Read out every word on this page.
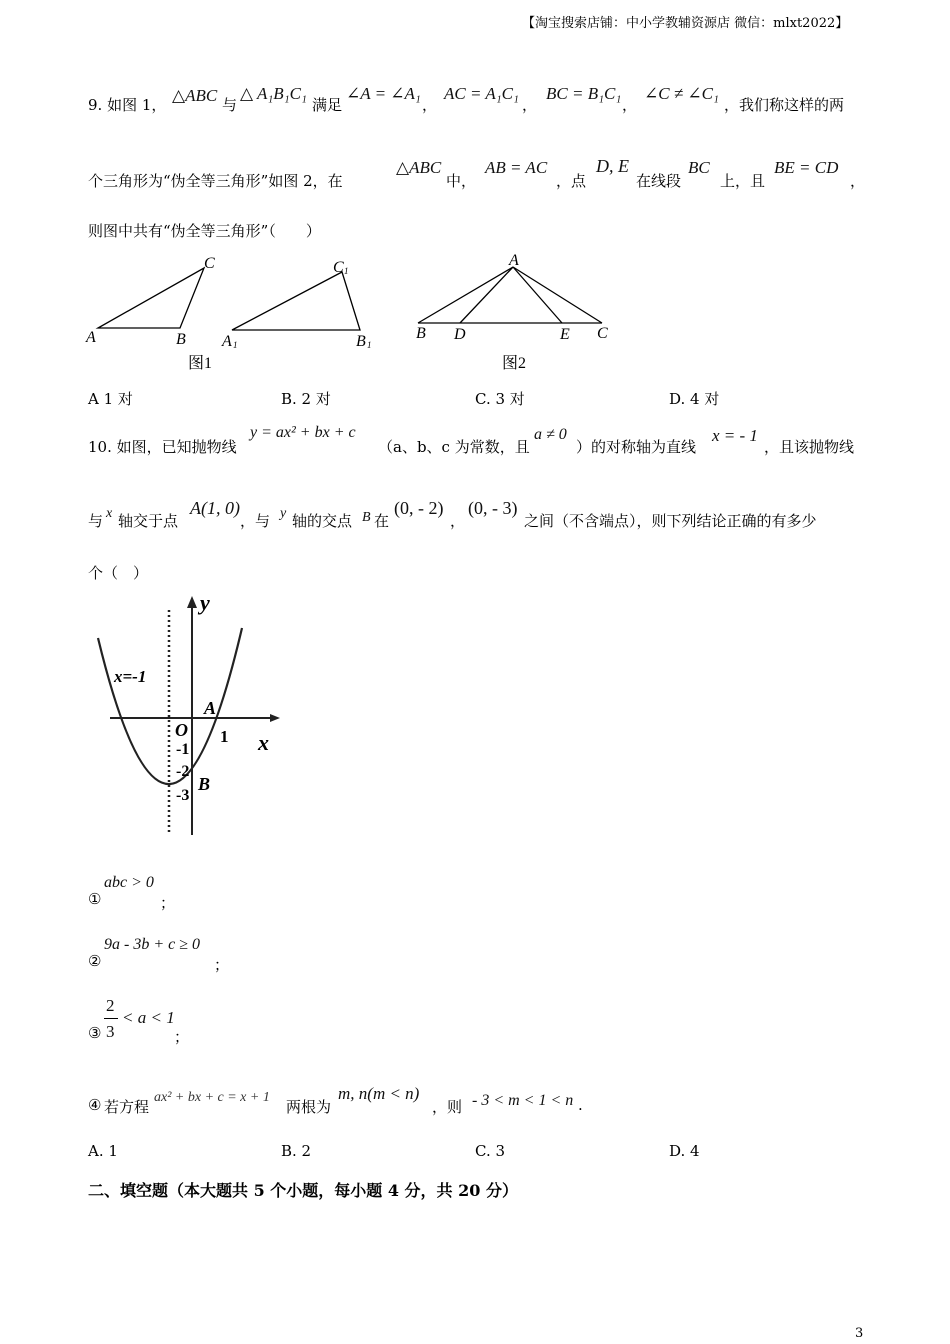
【淘宝搜索店铺：中小学教辅资源店 微信：mlxt2022】
9. 如图 1， △ABC 与
△ A₁B₁C₁
满足
∠A = ∠A₁
，
AC = A₁C₁
，
BC = B₁C₁
，
∠C ≠ ∠C₁
，我们称这样的两
个三角形为“伪全等三角形”如图 2，在
△ABC
中，
AB = AC
，点
D, E
在线段
BC
上，且
BE = CD
，
则图中共有“伪全等三角形”（　　）
A	B
C
图1
A 1	B 1
C 1
A
B D	E C
图2
A 1 对	B. 2 对	C. 3 对	D. 4 对
10. 如图，已知抛物线
y = ax² + bx + c
（a、b、c 为常数，且
a ≠ 0
）的对称轴为直线
x = - 1
，且该抛物线
与 x 轴交于点
A(1, 0)
，与 y 轴的交点 B 在
(0, - 2)
，
(0, - 3)
之间（不含端点），则下列结论正确的有多少
个（　）
y
x
x=-1
O 1
A
-1
-2
-3
B
①
abc > 0
；
②
9a - 3b + c ≥ 0
；
③
2
3
< a < 1
；
④ 若方程
ax² + bx + c = x + 1
两根为
m, n(m < n)
，则 - 3 < m < 1 < n .
A. 1	B. 2	C. 3	D. 4
二、填空题（本大题共 5 个小题，每小题 4 分，共 20 分）
3
